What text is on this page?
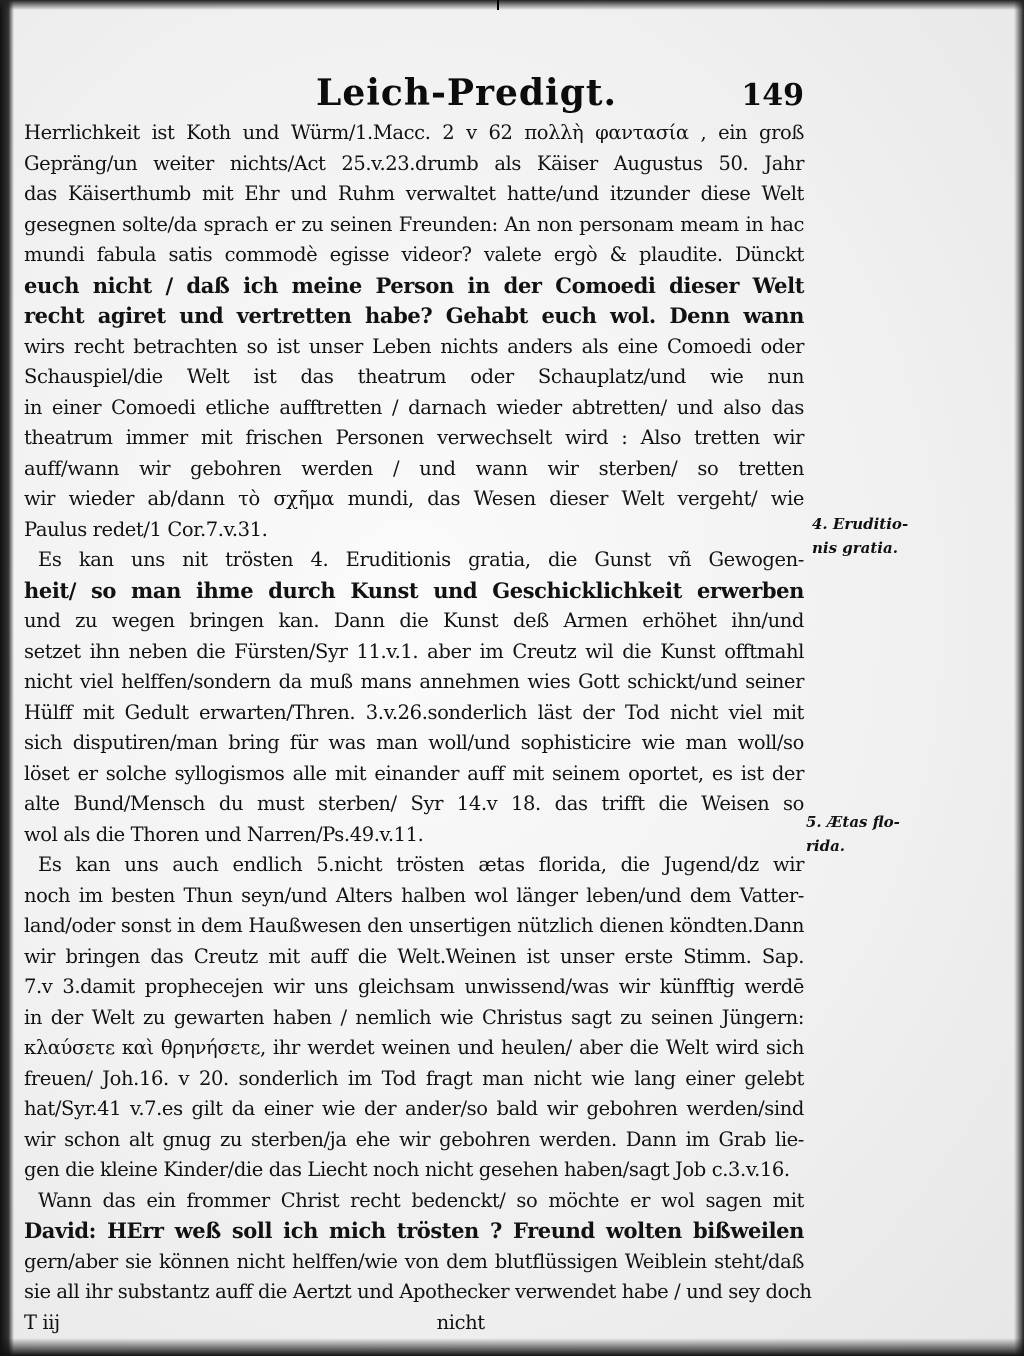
Leich-Predigt.	149
Herrlichkeit ist Koth und Würm/1.Macc. 2 v 62 πολλὴ φαντασία , ein groß
Gepräng/un weiter nichts/Act 25.v.23.drumb als Käiser Augustus 50. Jahr
das Käiserthumb mit Ehr und Ruhm verwaltet hatte/und itzunder diese Welt
gesegnen solte/da sprach er zu seinen Freunden: An non personam meam in hac
mundi fabula satis commodè egisse videor? valete ergò & plaudite. Dünckt
euch nicht / daß ich meine Person in der Comoedi dieser Welt
recht agiret und vertretten habe? Gehabt euch wol. Denn wann
wirs recht betrachten so ist unser Leben nichts anders als eine Comoedi oder
Schauspiel/die Welt ist das theatrum oder Schauplatz/und wie nun
in einer Comoedi etliche aufftretten / darnach wieder abtretten/ und also das
theatrum immer mit frischen Personen verwechselt wird : Also tretten wir
auff/wann wir gebohren werden / und wann wir sterben/ so tretten
wir wieder ab/dann τὸ σχῆμα mundi, das Wesen dieser Welt vergeht/ wie
Paulus redet/1 Cor.7.v.31.
Es kan uns nit trösten 4. Eruditionis gratia, die Gunst vñ Gewogen-
heit/ so man ihme durch Kunst und Geschicklichkeit erwerben
und zu wegen bringen kan. Dann die Kunst deß Armen erhöhet ihn/und
setzet ihn neben die Fürsten/Syr 11.v.1. aber im Creutz wil die Kunst offtmahl
nicht viel helffen/sondern da muß mans annehmen wies Gott schickt/und seiner
Hülff mit Gedult erwarten/Thren. 3.v.26.sonderlich läst der Tod nicht viel mit
sich disputiren/man bring für was man woll/und sophisticire wie man woll/so
löset er solche syllogismos alle mit einander auff mit seinem oportet, es ist der
alte Bund/Mensch du must sterben/ Syr 14.v 18. das trifft die Weisen so
wol als die Thoren und Narren/Ps.49.v.11.
Es kan uns auch endlich 5.nicht trösten ætas florida, die Jugend/dz wir
noch im besten Thun seyn/und Alters halben wol länger leben/und dem Vatter-
land/oder sonst in dem Haußwesen den unsertigen nützlich dienen köndten.Dann
wir bringen das Creutz mit auff die Welt.Weinen ist unser erste Stimm. Sap.
7.v 3.damit prophecejen wir uns gleichsam unwissend/was wir künfftig werdē
in der Welt zu gewarten haben / nemlich wie Christus sagt zu seinen Jüngern:
κλαύσετε καὶ θρηνήσετε, ihr werdet weinen und heulen/ aber die Welt wird sich
freuen/ Joh.16. v 20. sonderlich im Tod fragt man nicht wie lang einer gelebt
hat/Syr.41 v.7.es gilt da einer wie der ander/so bald wir gebohren werden/sind
wir schon alt gnug zu sterben/ja ehe wir gebohren werden. Dann im Grab lie-
gen die kleine Kinder/die das Liecht noch nicht gesehen haben/sagt Job c.3.v.16.
Wann das ein frommer Christ recht bedenckt/ so möchte er wol sagen mit
David: HErr weß soll ich mich trösten ? Freund wolten bißweilen
gern/aber sie können nicht helffen/wie von dem blutflüssigen Weiblein steht/daß
sie all ihr substantz auff die Aertzt und Apothecker verwendet habe / und sey doch
T iij                                                                 nicht
4. Eruditio-
nis gratia.
5. Ætas flo-
rida.
